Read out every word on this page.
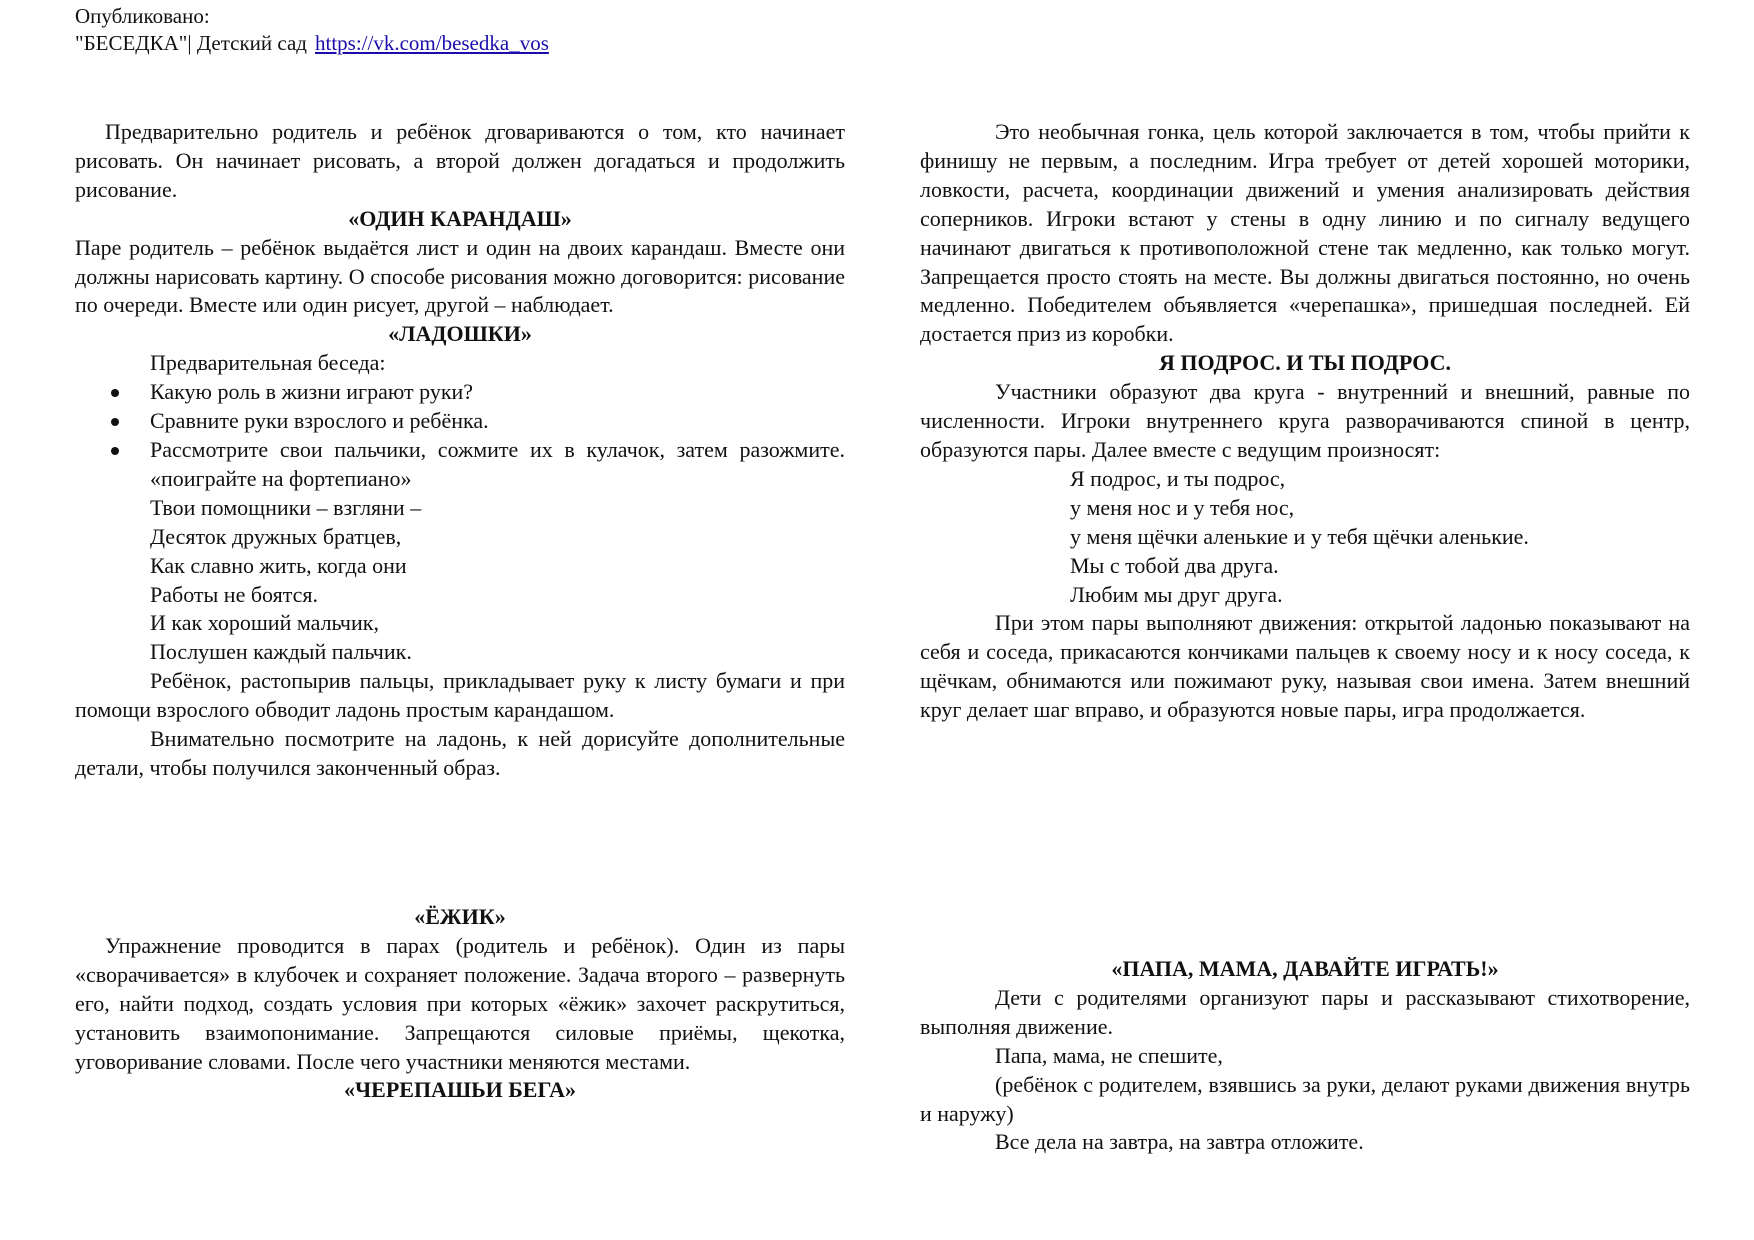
Опубликовано:
"БЕСЕДКА"| Детский сад https://vk.com/besedka_vos

Предварительно родитель и ребёнок дговариваются о том, кто начинает рисовать. Он начинает рисовать, а второй должен догадаться и продолжить рисование.

«ОДИН КАРАНДАШ»

Паре родитель – ребёнок выдаётся лист и один на двоих карандаш. Вместе они должны нарисовать картину. О способе рисования можно договорится: рисование по очереди. Вместе или один рисует, другой – наблюдает.

«ЛАДОШКИ»

Предварительная беседа:

Какую роль в жизни играют руки?
Сравните руки взрослого и ребёнка.
Рассмотрите свои пальчики, сожмите их в кулачок, затем разожмите. «поиграйте на фортепиано»
Твои помощники – взгляни –
Десяток дружных братцев,
Как славно жить, когда они
Работы не боятся.
И как хороший мальчик,
Послушен каждый пальчик.

Ребёнок, растопырив пальцы, прикладывает руку к листу бумаги и при помощи взрослого обводит ладонь простым карандашом.

Внимательно посмотрите на ладонь, к ней дорисуйте дополнительные детали, чтобы получился законченный образ.

«ЁЖИК»

Упражнение проводится в парах (родитель и ребёнок). Один из пары «сворачивается» в клубочек и сохраняет положение. Задача второго – развернуть его, найти подход, создать условия при которых «ёжик» захочет раскрутиться, установить взаимопонимание. Запрещаются силовые приёмы, щекотка, уговоривание словами. После чего участники меняются местами.

«ЧЕРЕПАШЬИ БЕГА»

Это необычная гонка, цель которой заключается в том, чтобы прийти к финишу не первым, а последним. Игра требует от детей хорошей моторики, ловкости, расчета, координации движений и умения анализировать действия соперников. Игроки встают у стены в одну линию и по сигналу ведущего начинают двигаться к противоположной стене так медленно, как только могут. Запрещается просто стоять на месте. Вы должны двигаться постоянно, но очень медленно. Победителем объявляется «черепашка», пришедшая последней. Ей достается приз из коробки.

Я ПОДРОС. И ТЫ ПОДРОС.

Участники образуют два круга - внутренний и внешний, равные по численности. Игроки внутреннего круга разворачиваются спиной в центр, образуются пары. Далее вместе с ведущим произносят:

Я подрос, и ты подрос,
у меня нос и у тебя нос,
у меня щёчки аленькие и у тебя щёчки аленькие.
Мы с тобой два друга.
Любим мы друг друга.

При этом пары выполняют движения: открытой ладонью показывают на себя и соседа, прикасаются кончиками пальцев к своему носу и к носу соседа, к щёчкам, обнимаются или пожимают руку, называя свои имена. Затем внешний круг делает шаг вправо, и образуются новые пары, игра продолжается.

«ПАПА, МАМА, ДАВАЙТЕ ИГРАТЬ!»

Дети с родителями организуют пары и рассказывают стихотворение, выполняя движение.

Папа, мама, не спешите,

(ребёнок с родителем, взявшись за руки, делают руками движения внутрь и наружу)

Все дела на завтра, на завтра отложите.
